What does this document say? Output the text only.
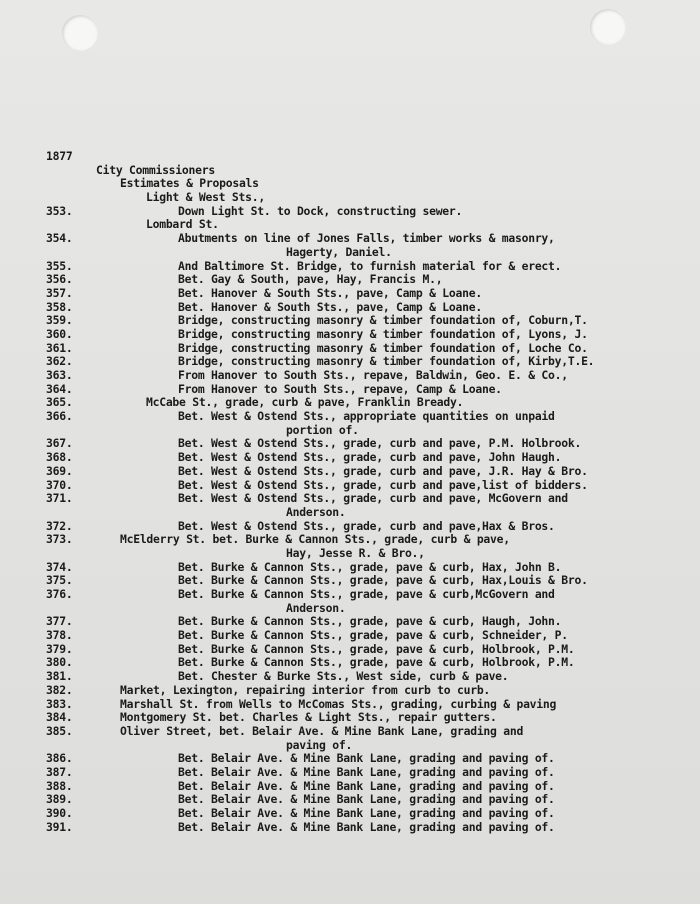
1877
City Commissioners
Estimates & Proposals
Light & West Sts.,
353.	Down Light St. to Dock, constructing sewer.
Lombard St.
354.	Abutments on line of Jones Falls, timber works & masonry,
Hagerty, Daniel.
355.	And Baltimore St. Bridge, to furnish material for & erect.
356.	Bet. Gay & South, pave, Hay, Francis M.,
357.	Bet. Hanover & South Sts., pave, Camp & Loane.
358.	Bet. Hanover & South Sts., pave, Camp & Loane.
359.	Bridge, constructing masonry & timber foundation of, Coburn,T.
360.	Bridge, constructing masonry & timber foundation of, Lyons, J.
361.	Bridge, constructing masonry & timber foundation of, Loche Co.
362.	Bridge, constructing masonry & timber foundation of, Kirby,T.E.
363.	From Hanover to South Sts., repave, Baldwin, Geo. E. & Co.,
364.	From Hanover to South Sts., repave, Camp & Loane.
365.	McCabe St., grade, curb & pave, Franklin Bready.
366.	Bet. West & Ostend Sts., appropriate quantities on unpaid
portion of.
367.	Bet. West & Ostend Sts., grade, curb and pave, P.M. Holbrook.
368.	Bet. West & Ostend Sts., grade, curb and pave, John Haugh.
369.	Bet. West & Ostend Sts., grade, curb and pave, J.R. Hay & Bro.
370.	Bet. West & Ostend Sts., grade, curb and pave,list of bidders.
371.	Bet. West & Ostend Sts., grade, curb and pave, McGovern and
Anderson.
372.	Bet. West & Ostend Sts., grade, curb and pave,Hax & Bros.
373.	McElderry St. bet. Burke & Cannon Sts., grade, curb & pave,
Hay, Jesse R. & Bro.,
374.	Bet. Burke & Cannon Sts., grade, pave & curb, Hax, John B.
375.	Bet. Burke & Cannon Sts., grade, pave & curb, Hax,Louis & Bro.
376.	Bet. Burke & Cannon Sts., grade, pave & curb,McGovern and
Anderson.
377.	Bet. Burke & Cannon Sts., grade, pave & curb, Haugh, John.
378.	Bet. Burke & Cannon Sts., grade, pave & curb, Schneider, P.
379.	Bet. Burke & Cannon Sts., grade, pave & curb, Holbrook, P.M.
380.	Bet. Burke & Cannon Sts., grade, pave & curb, Holbrook, P.M.
381.	Bet. Chester & Burke Sts., West side, curb & pave.
382.	Market, Lexington, repairing interior from curb to curb.
383.	Marshall St. from Wells to McComas Sts., grading, curbing & paving
384.	Montgomery St. bet. Charles & Light Sts., repair gutters.
385.	Oliver Street, bet. Belair Ave. & Mine Bank Lane, grading and
paving of.
386.	Bet. Belair Ave. & Mine Bank Lane, grading and paving of.
387.	Bet. Belair Ave. & Mine Bank Lane, grading and paving of.
388.	Bet. Belair Ave. & Mine Bank Lane, grading and paving of.
389.	Bet. Belair Ave. & Mine Bank Lane, grading and paving of.
390.	Bet. Belair Ave. & Mine Bank Lane, grading and paving of.
391.	Bet. Belair Ave. & Mine Bank Lane, grading and paving of.
